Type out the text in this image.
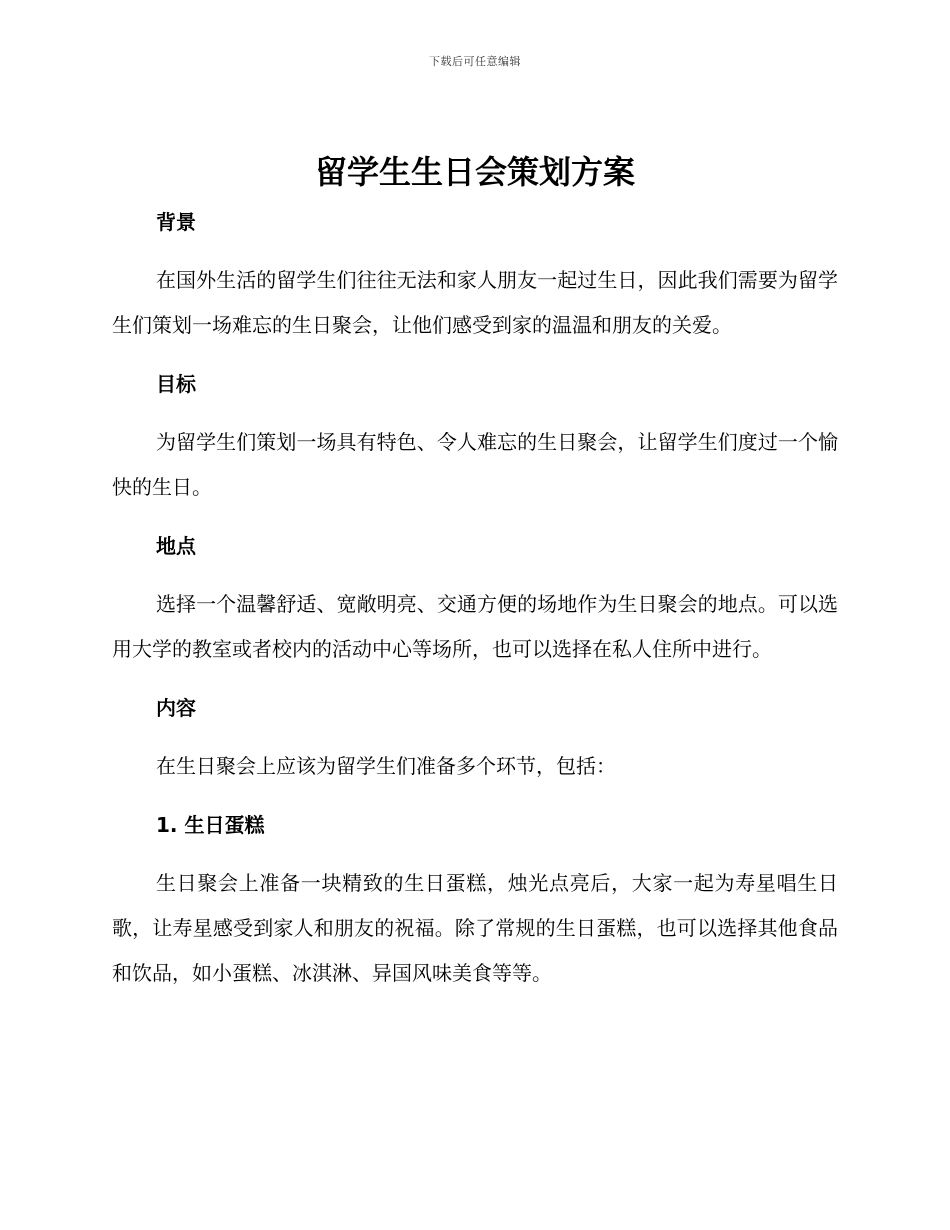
下载后可任意编辑
留学生生日会策划方案
背景

在国外生活的留学生们往往无法和家人朋友一起过生日，因此我们需要为留学生们策划一场难忘的生日聚会，让他们感受到家的温温和朋友的关爱。

目标

为留学生们策划一场具有特色、令人难忘的生日聚会，让留学生们度过一个愉快的生日。

地点

选择一个温馨舒适、宽敞明亮、交通方便的场地作为生日聚会的地点。可以选用大学的教室或者校内的活动中心等场所，也可以选择在私人住所中进行。

内容

在生日聚会上应该为留学生们准备多个环节，包括：

1. 生日蛋糕

生日聚会上准备一块精致的生日蛋糕，烛光点亮后，大家一起为寿星唱生日歌，让寿星感受到家人和朋友的祝福。除了常规的生日蛋糕，也可以选择其他食品和饮品，如小蛋糕、冰淇淋、异国风味美食等等。
